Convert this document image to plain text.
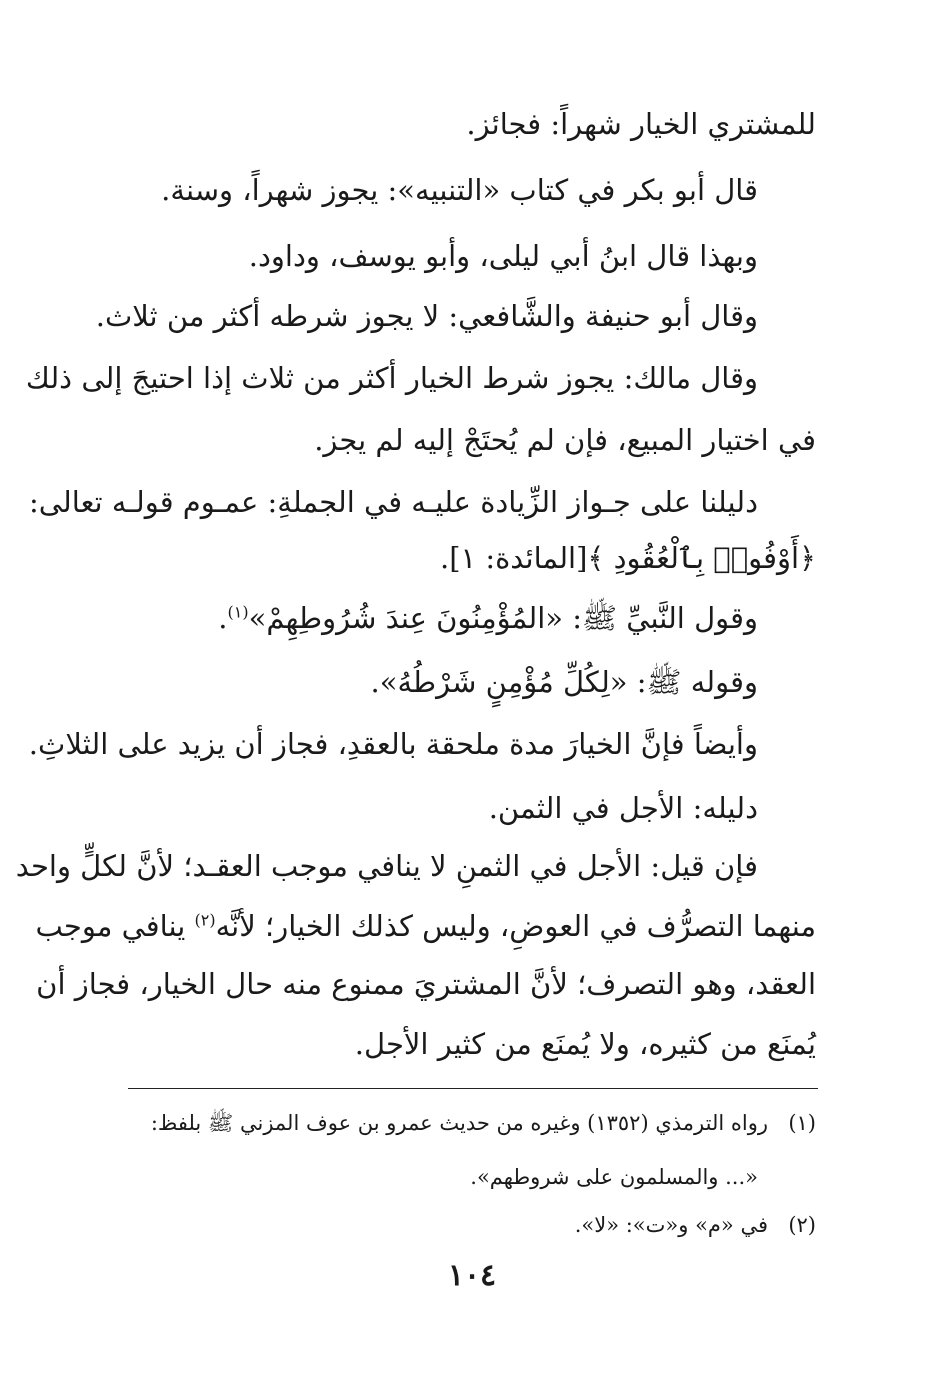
للمشتري الخيار شهراً: فجائز.
قال أبو بكر في كتاب «التنبيه»: يجوز شهراً، وسنة.
وبهذا قال ابنُ أبي ليلى، وأبو يوسف، وداود.
وقال أبو حنيفة والشَّافعي: لا يجوز شرطه أكثر من ثلاث.
وقال مالك: يجوز شرط الخيار أكثر من ثلاث إذا احتيجَ إلى ذلك
في اختيار المبيع، فإن لم يُحتَجْ إليه لم يجز.
دليلنا على جـواز الزِّيادة عليـه في الجملةِ: عمـوم قولـه تعالى:
﴿أَوْفُوا۟ بِٱلْعُقُودِ ﴾[المائدة: ١].
وقول النَّبيِّ ﷺ: «المُؤْمِنُونَ عِندَ شُرُوطِهِمْ»$^{(١)}$.
وقوله ﷺ: «لِكُلِّ مُؤْمِنٍ شَرْطُهُ».
وأيضاً فإنَّ الخيارَ مدة ملحقة بالعقدِ، فجاز أن يزيد على الثلاثِ.
دليله: الأجل في الثمن.
فإن قيل: الأجل في الثمنِ لا ينافي موجب العقـد؛ لأنَّ لكلٍّ واحد
منهما التصرُّف في العوضِ، وليس كذلك الخيار؛ لأنَّه$^{(٢)}$ ينافي موجب
العقد، وهو التصرف؛ لأنَّ المشتريَ ممنوع منه حال الخيار، فجاز أن
يُمنَع من كثيره، ولا يُمنَع من كثير الأجل.
(١)رواه الترمذي (١٣٥٢) وغيره من حديث عمرو بن عوف المزني ﷺ بلفظ:
«... والمسلمون على شروطهم».
(٢)في «م» و«ت»: «لا».
١٠٤
